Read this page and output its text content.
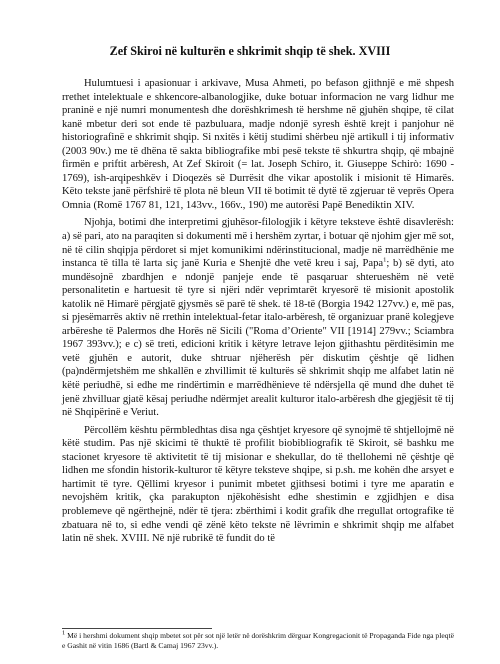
Zef Skiroi në kulturën e shkrimit shqip të shek. XVIII

Hulumtuesi i apasionuar i arkivave, Musa Ahmeti, po befason gjithnjë e më shpesh rrethet intelektuale e shkencore-albanologjike, duke botuar informacion ne varg lidhur me praninë e një numri monumentesh dhe dorëshkrimesh të hershme në gjuhën shqipe, të cilat kanë mbetur deri sot ende të pazbuluara, madje ndonjë syresh është krejt i panjohur në historiografinë e shkrimit shqip. Si nxitës i këtij studimi shërbeu një artikull i tij informativ (2003 90v.) me të dhëna të sakta bibliografike mbi pesë tekste të shkurtra shqip, që mbajnë firmën e priftit arbëresh, At Zef Skiroit (= lat. Joseph Schiro, it. Giuseppe Schirò: 1690 - 1769), ish-arqipeshkëv i Dioqezës së Durrësit dhe vikar apostolik i misionit të Himarës. Këto tekste janë përfshirë të plota në bleun VII të botimit të dytë të zgjeruar të veprës Opera Omnia (Romë 1767 81, 121, 143vv., 166v., 190) me autorësi Papë Benediktin XIV.

Njohja, botimi dhe interpretimi gjuhësor-filologjik i këtyre teksteve është disavlerësh: a) së pari, ato na paraqiten si dokumenti më i hershëm zyrtar, i botuar që njohim gjer më sot, në të cilin shqipja përdoret si mjet komunikimi ndërinstitucional, madje në marrëdhënie me instanca të tilla të larta siç janë Kuria e Shenjtë dhe vetë kreu i saj, Papa$^1$; b) së dyti, ato mundësojnë zbardhjen e ndonjë panjeje ende të pasqaruar shterueshëm në vetë personalitetin e hartuesit të tyre si njëri ndër veprimtarët kryesorë të misionit apostolik katolik në Himarë përgjatë gjysmës së parë të shek. të 18-të (Borgia 1942 127vv.) e, më pas, si pjesëmarrës aktiv në rrethin intelektual-fetar italo-arbëresh, të organizuar pranë kolegjeve arbëreshe të Palermos dhe Horës në Sicili ("Roma d’Oriente" VII [1914] 279vv.; Sciambra 1967 393vv.); e c) së treti, edicioni kritik i këtyre letrave lejon gjithashtu përditësimin me vetë gjuhën e autorit, duke shtruar njëherësh për diskutim çështje që lidhen (pa)ndërmjetshëm me shkallën e zhvillimit të kulturës së shkrimit shqip me alfabet latin në këtë periudhë, si edhe me rindërtimin e marrëdhënieve të ndërsjella që mund dhe duhet të jenë zhvilluar gjatë kësaj periudhe ndërmjet arealit kulturor italo-arbëresh dhe gjegjësit të tij në Shqipërinë e Veriut.

Përcollëm kështu përmbledhtas disa nga çështjet kryesore që synojmë të shtjellojmë në këtë studim. Pas një skicimi të thuktë të profilit biobibliografik të Skiroit, së bashku me stacionet kryesore të aktivitetit të tij misionar e shekullar, do të thellohemi në çështje që lidhen me sfondin historik-kulturor të këtyre teksteve shqipe, si p.sh. me kohën dhe arsyet e hartimit të tyre. Qëllimi kryesor i punimit mbetet gjithsesi botimi i tyre me aparatin e nevojshëm kritik, çka parakupton njëkohësisht edhe shestimin e zgjidhjen e disa problemeve që ngërthejnë, ndër të tjera: zbërthimi i kodit grafik dhe rregullat ortografike të zbatuara në to, si edhe vendi që zënë këto tekste në lëvrimin e shkrimit shqip me alfabet latin në shek. XVIII. Në një rubrikë të fundit do të

$^1$ Më i hershmi dokument shqip mbetet sot për sot një letër në dorëshkrim dërguar Kongregacionit të Propaganda Fide nga pleqtë e Gashit në vitin 1686 (Bartl & Camaj 1967 23vv.).
